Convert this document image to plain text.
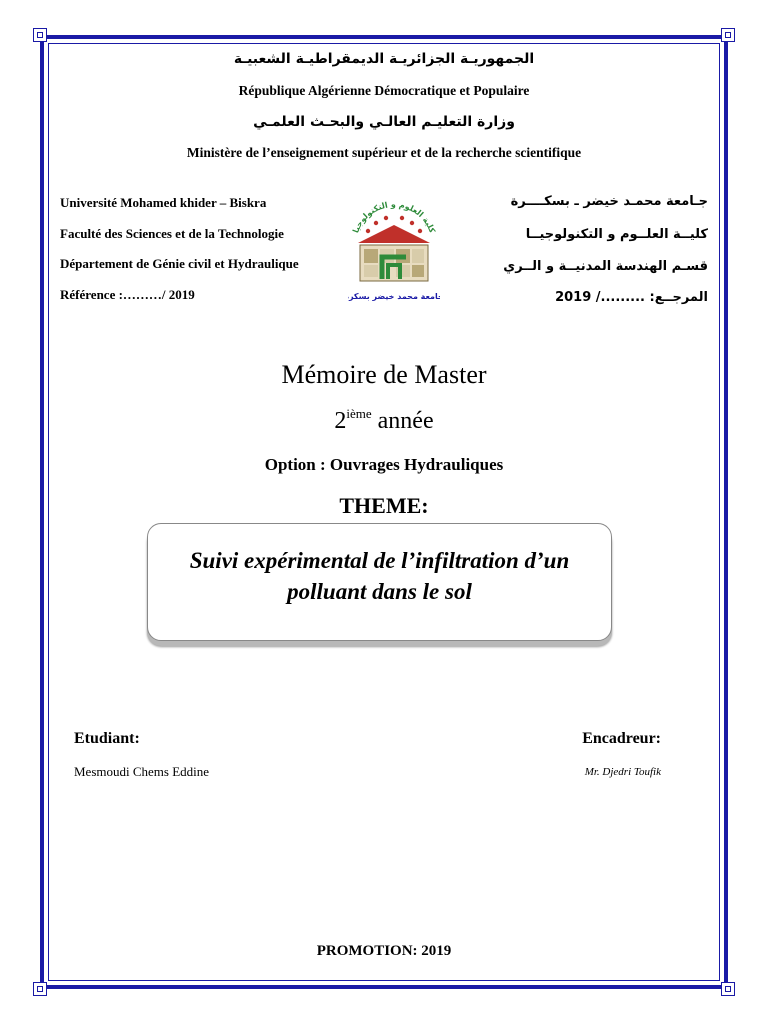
الجمهوريـة الجزائريـة الديمقراطيـة الشعبيـة
République Algérienne Démocratique et Populaire
وزارة التعليـم العالـي والبحـث العلمـي
Ministère de l’enseignement supérieur et de la recherche scientifique
Université Mohamed khider – Biskra
Faculté des Sciences et de la Technologie
Département de Génie civil et Hydraulique
Référence :………/ 2019
جـامعة محمـد خيضر ـ بسكــــرة
كليــة العلــوم و التكنولوجيــا
قسـم الهندسة المدنيــة و الــري
المرجــع: ........./ 2019
كلية العلوم و التكنولوجيا
جامعة محمد خيضر بسكرة
Mémoire de Master
2ième année
Option : Ouvrages Hydrauliques
THEME:
Suivi expérimental de l’infiltration d’un
polluant dans le sol
Etudiant:
Mesmoudi Chems Eddine
Encadreur:
Mr. Djedri Toufik
PROMOTION: 2019
